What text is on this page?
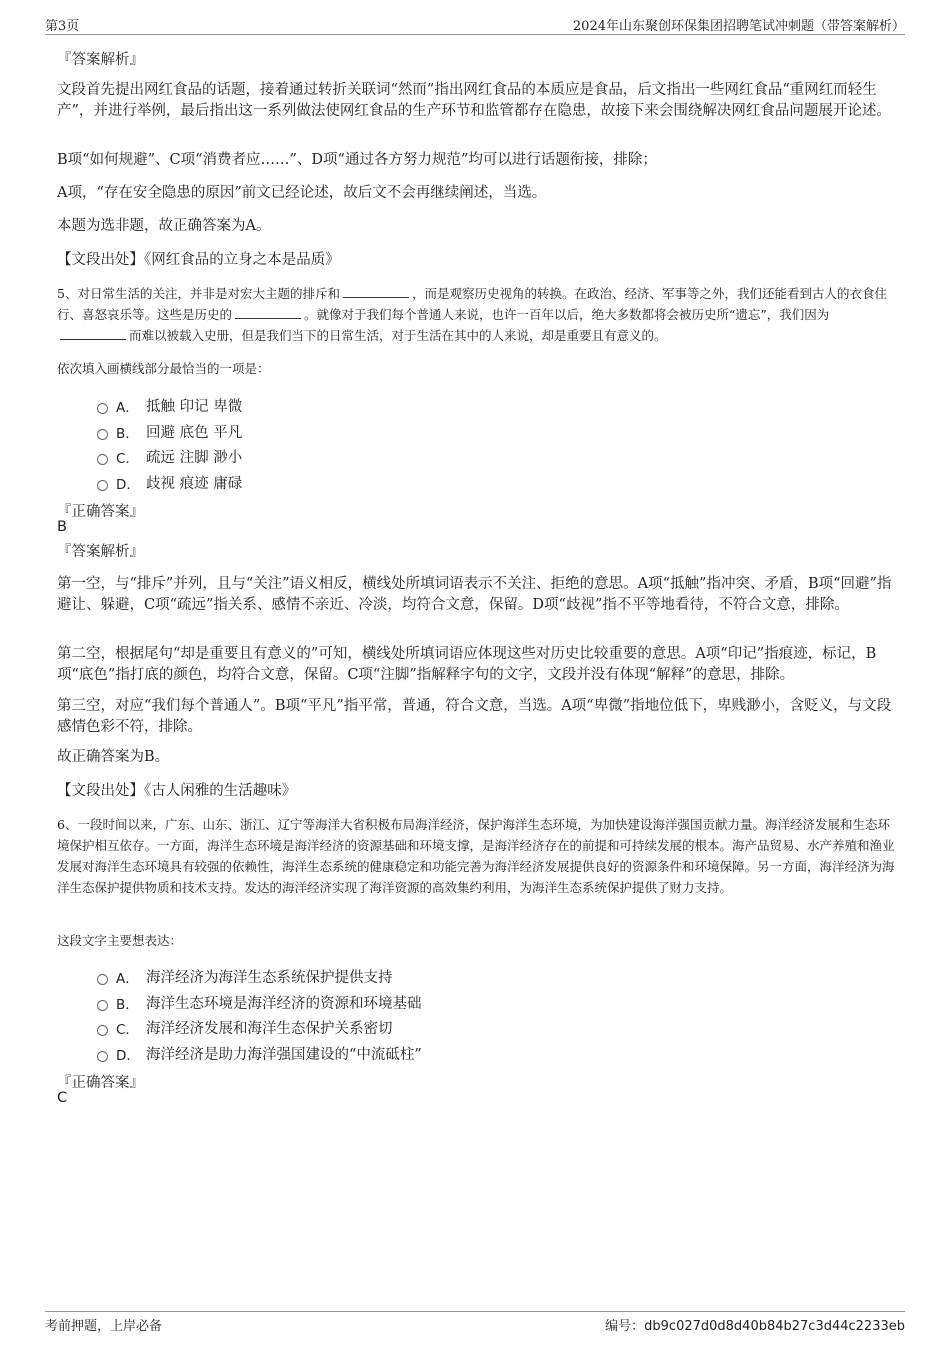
第3页	2024年山东聚创环保集团招聘笔试冲刺题（带答案解析）
『答案解析』
文段首先提出网红食品的话题，接着通过转折关联词“然而”指出网红食品的本质应是食品，后文指出一些网红食品“重网红而轻生产”，并进行举例，最后指出这一系列做法使网红食品的生产环节和监管都存在隐患，故接下来会围绕解决网红食品问题展开论述。
B项“如何规避”、C项“消费者应……”、D项“通过各方努力规范”均可以进行话题衔接，排除；
A项，“存在安全隐患的原因”前文已经论述，故后文不会再继续阐述，当选。
本题为选非题，故正确答案为A。
【文段出处】《网红食品的立身之本是品质》
5、对日常生活的关注，并非是对宏大主题的排斥和	，而是观察历史视角的转换。在政治、经济、军事等之外，我们还能看到古人的衣食住行、喜怒哀乐等。这些是历史的	。就像对于我们每个普通人来说，也许一百年以后，绝大多数都将会被历史所“遗忘”，我们因为而难以被载入史册，但是我们当下的日常生活，对于生活在其中的人来说，却是重要且有意义的。
依次填入画横线部分最恰当的一项是：
A． 抵触 印记 卑微
B． 回避 底色 平凡
C． 疏远 注脚 渺小
D． 歧视 痕迹 庸碌
『正确答案』
B
『答案解析』
第一空，与“排斥”并列，且与“关注”语义相反，横线处所填词语表示不关注、拒绝的意思。A项“抵触”指冲突、矛盾，B项“回避”指避让、躲避，C项“疏远”指关系、感情不亲近、冷淡，均符合文意，保留。D项“歧视”指不平等地看待，不符合文意，排除。
第二空，根据尾句“却是重要且有意义的”可知，横线处所填词语应体现这些对历史比较重要的意思。A项“印记”指痕迹，标记，B项“底色”指打底的颜色，均符合文意，保留。C项“注脚”指解释字句的文字，文段并没有体现“解释”的意思，排除。
第三空，对应“我们每个普通人”。B项“平凡”指平常，普通，符合文意，当选。A项“卑微”指地位低下，卑贱渺小，含贬义，与文段感情色彩不符，排除。
故正确答案为B。
【文段出处】《古人闲雅的生活趣味》
6、一段时间以来，广东、山东、浙江、辽宁等海洋大省积极布局海洋经济，保护海洋生态环境，为加快建设海洋强国贡献力量。海洋经济发展和生态环境保护相互依存。一方面，海洋生态环境是海洋经济的资源基础和环境支撑，是海洋经济存在的前提和可持续发展的根本。海产品贸易、水产养殖和渔业发展对海洋生态环境具有较强的依赖性，海洋生态系统的健康稳定和功能完善为海洋经济发展提供良好的资源条件和环境保障。另一方面，海洋经济为海洋生态保护提供物质和技术支持。发达的海洋经济实现了海洋资源的高效集约利用，为海洋生态系统保护提供了财力支持。
这段文字主要想表达：
A． 海洋经济为海洋生态系统保护提供支持
B． 海洋生态环境是海洋经济的资源和环境基础
C． 海洋经济发展和海洋生态保护关系密切
D． 海洋经济是助力海洋强国建设的“中流砥柱”
『正确答案』
C
考前押题，上岸必备	编号：db9c027d0d8d40b84b27c3d44c2233eb
